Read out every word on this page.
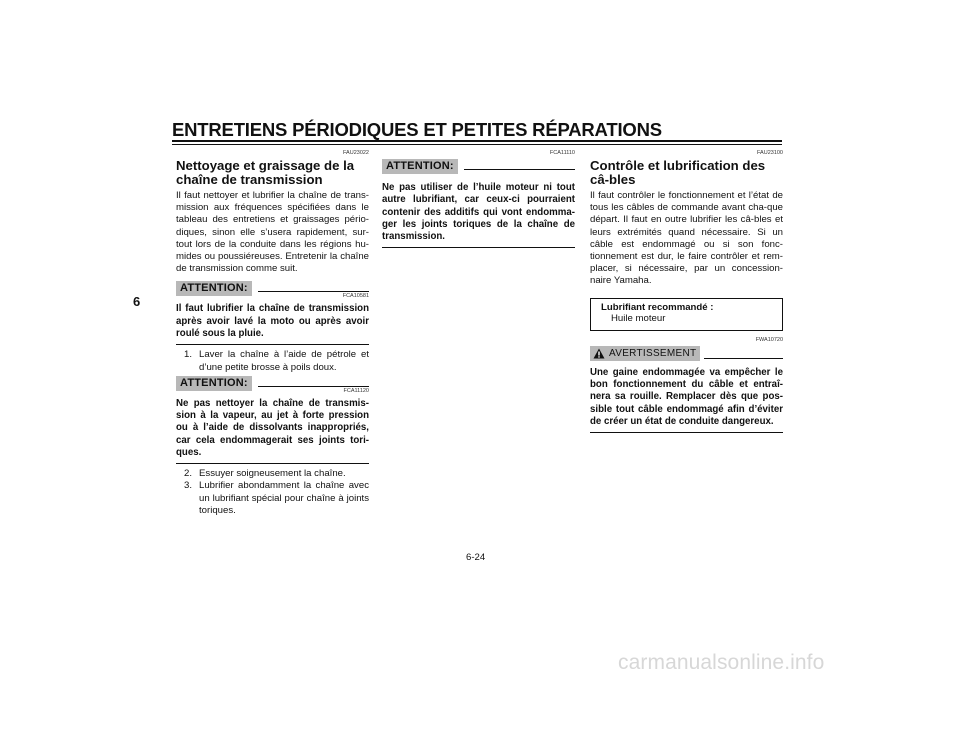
ENTRETIENS PÉRIODIQUES ET PETITES RÉPARATIONS
6
FAU23022
Nettoyage et graissage de la chaîne de transmission

Il faut nettoyer et lubrifier la chaîne de trans-mission aux fréquences spécifiées dans le tableau des entretiens et graissages pério-diques, sinon elle s’usera rapidement, sur-tout lors de la conduite dans les régions hu-mides ou poussiéreuses. Entretenir la chaîne de transmission comme suit.

ATTENTION:
FCA10581
Il faut lubrifier la chaîne de transmission après avoir lavé la moto ou après avoir roulé sous la pluie.
1. Laver la chaîne à l’aide de pétrole et d’une petite brosse à poils doux.
ATTENTION:
FCA11120
Ne pas nettoyer la chaîne de transmis-sion à la vapeur, au jet à forte pression ou à l’aide de dissolvants inappropriés, car cela endommagerait ses joints tori-ques.
2. Essuyer soigneusement la chaîne.
3. Lubrifier abondamment la chaîne avec un lubrifiant spécial pour chaîne à joints toriques.
FCA11110
ATTENTION:
Ne pas utiliser de l’huile moteur ni tout autre lubrifiant, car ceux-ci pourraient contenir des additifs qui vont endomma-ger les joints toriques de la chaîne de transmission.
FAU23100
Contrôle et lubrification des câ-bles

Il faut contrôler le fonctionnement et l’état de tous les câbles de commande avant cha-que départ. Il faut en outre lubrifier les câ-bles et leurs extrémités quand nécessaire. Si un câble est endommagé ou si son fonc-tionnement est dur, le faire contrôler et rem-placer, si nécessaire, par un concession-naire Yamaha.

Lubrifiant recommandé :
Huile moteur
FWA10720
AVERTISSEMENT
Une gaine endommagée va empêcher le bon fonctionnement du câble et entraî-nera sa rouille. Remplacer dès que pos-sible tout câble endommagé afin d’éviter de créer un état de conduite dangereux.
6-24
carmanualsonline.info
